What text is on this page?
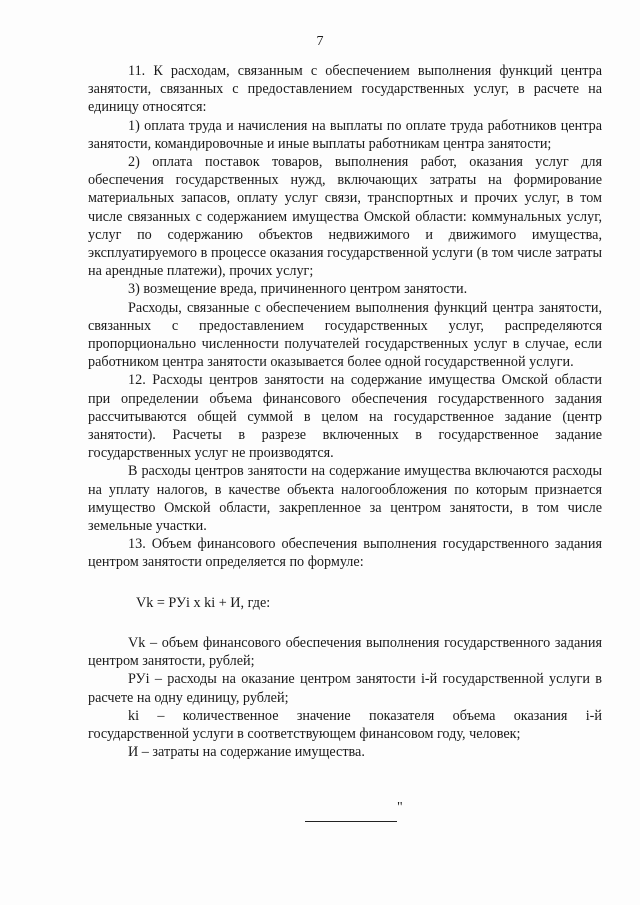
7

11. К расходам, связанным с обеспечением выполнения функций центра занятости, связанных с предоставлением государственных услуг, в расчете на единицу относятся:

1) оплата труда и начисления на выплаты по оплате труда работников центра занятости, командировочные и иные выплаты работникам центра занятости;

2) оплата поставок товаров, выполнения работ, оказания услуг для обеспечения государственных нужд, включающих затраты на формирование материальных запасов, оплату услуг связи, транспортных и прочих услуг, в том числе связанных с содержанием имущества Омской области: коммунальных услуг, услуг по содержанию объектов недвижимого и движимого имущества, эксплуатируемого в процессе оказания государственной услуги (в том числе затраты на арендные платежи), прочих услуг;

3) возмещение вреда, причиненного центром занятости.

Расходы, связанные с обеспечением выполнения функций центра занятости, связанных с предоставлением государственных услуг, распределяются пропорционально численности получателей государственных услуг в случае, если работником центра занятости оказывается более одной государственной услуги.

12. Расходы центров занятости на содержание имущества Омской области при определении объема финансового обеспечения государственного задания рассчитываются общей суммой в целом на государственное задание (центр занятости). Расчеты в разрезе включенных в государственное задание государственных услуг не производятся.

В расходы центров занятости на содержание имущества включаются расходы на уплату налогов, в качестве объекта налогообложения по которым признается имущество Омской области, закрепленное за центром занятости, в том числе земельные участки.

13. Объем финансового обеспечения выполнения государственного задания центром занятости определяется по формуле:

Vk = РУi x ki + И, где:

Vk – объем финансового обеспечения выполнения государственного задания центром занятости, рублей;

РУi – расходы на оказание центром занятости i-й государственной услуги в расчете на одну единицу, рублей;

ki – количественное значение показателя объема оказания i-й государственной услуги в соответствующем финансовом году, человек;

И – затраты на содержание имущества.

"
